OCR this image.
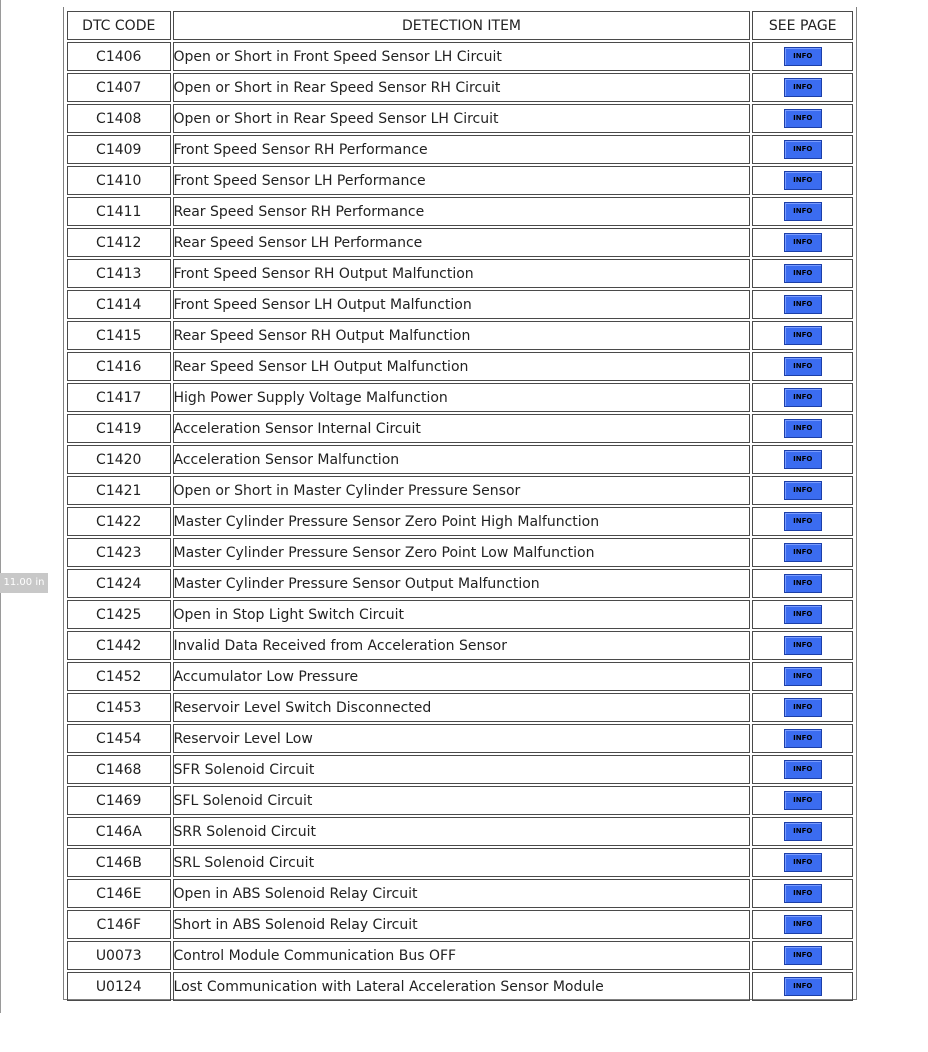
11.00 in
DTC CODE	DETECTION ITEM	SEE PAGE
C1406	Open or Short in Front Speed Sensor LH Circuit	INFO
C1407	Open or Short in Rear Speed Sensor RH Circuit	INFO
C1408	Open or Short in Rear Speed Sensor LH Circuit	INFO
C1409	Front Speed Sensor RH Performance	INFO
C1410	Front Speed Sensor LH Performance	INFO
C1411	Rear Speed Sensor RH Performance	INFO
C1412	Rear Speed Sensor LH Performance	INFO
C1413	Front Speed Sensor RH Output Malfunction	INFO
C1414	Front Speed Sensor LH Output Malfunction	INFO
C1415	Rear Speed Sensor RH Output Malfunction	INFO
C1416	Rear Speed Sensor LH Output Malfunction	INFO
C1417	High Power Supply Voltage Malfunction	INFO
C1419	Acceleration Sensor Internal Circuit	INFO
C1420	Acceleration Sensor Malfunction	INFO
C1421	Open or Short in Master Cylinder Pressure Sensor	INFO
C1422	Master Cylinder Pressure Sensor Zero Point High Malfunction	INFO
C1423	Master Cylinder Pressure Sensor Zero Point Low Malfunction	INFO
C1424	Master Cylinder Pressure Sensor Output Malfunction	INFO
C1425	Open in Stop Light Switch Circuit	INFO
C1442	Invalid Data Received from Acceleration Sensor	INFO
C1452	Accumulator Low Pressure	INFO
C1453	Reservoir Level Switch Disconnected	INFO
C1454	Reservoir Level Low	INFO
C1468	SFR Solenoid Circuit	INFO
C1469	SFL Solenoid Circuit	INFO
C146A	SRR Solenoid Circuit	INFO
C146B	SRL Solenoid Circuit	INFO
C146E	Open in ABS Solenoid Relay Circuit	INFO
C146F	Short in ABS Solenoid Relay Circuit	INFO
U0073	Control Module Communication Bus OFF	INFO
U0124	Lost Communication with Lateral Acceleration Sensor Module	INFO
